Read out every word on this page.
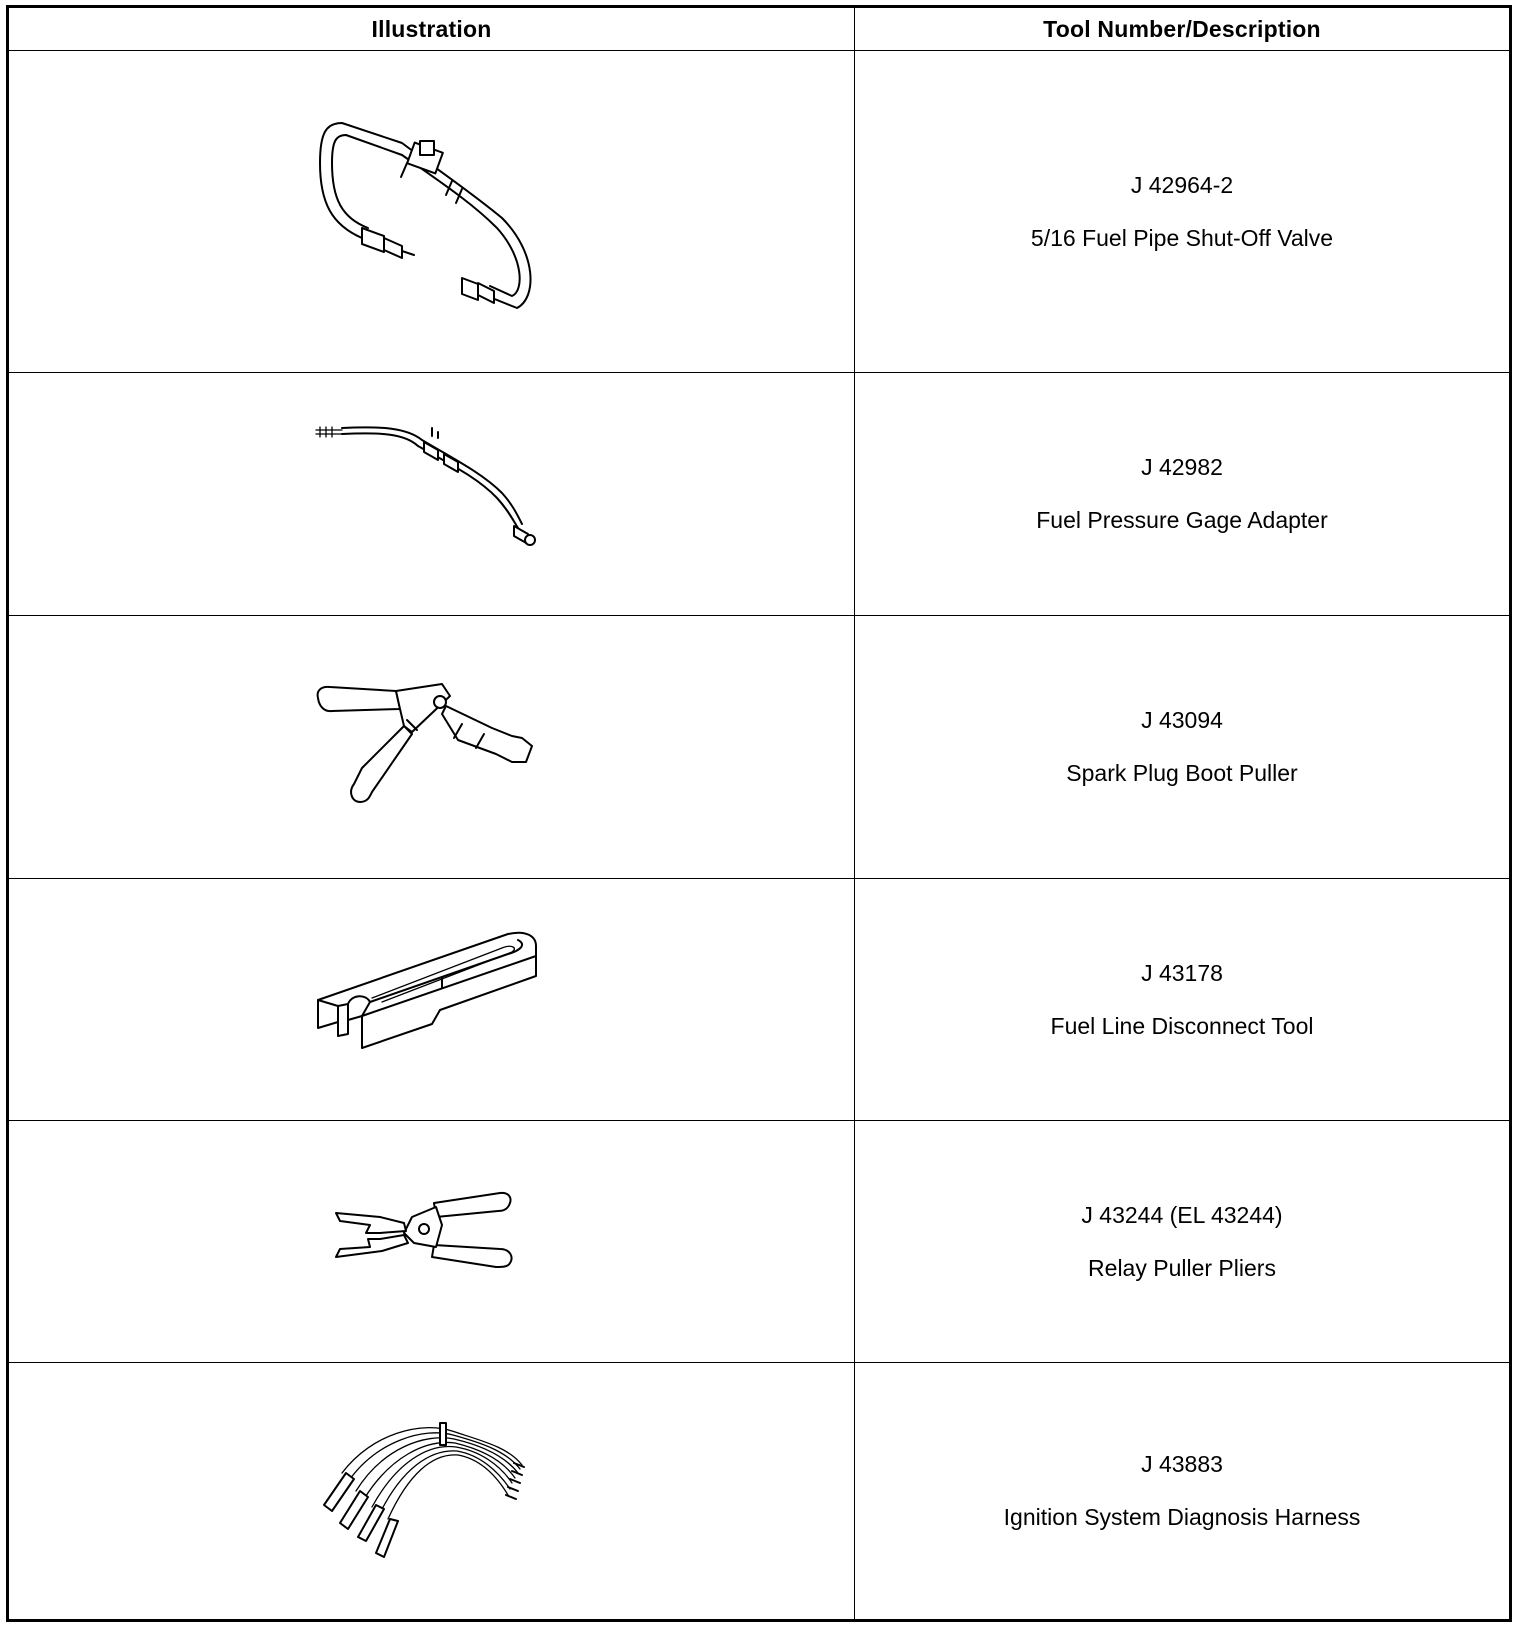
Illustration	Tool Number/Description
J 42964-2
5/16 Fuel Pipe Shut-Off Valve
J 42982
Fuel Pressure Gage Adapter
J 43094
Spark Plug Boot Puller
J 43178
Fuel Line Disconnect Tool
J 43244 (EL 43244)
Relay Puller Pliers
J 43883
Ignition System Diagnosis Harness
